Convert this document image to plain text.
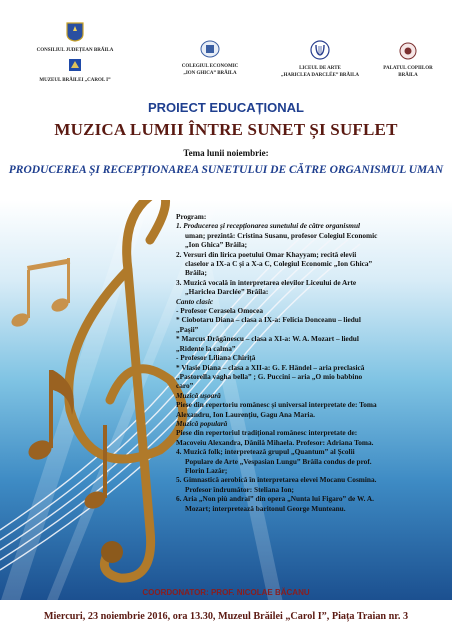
CONSILIUL JUDEȚEAN BRĂILA
MUZEUL BRĂILEI „CAROL I”
COLEGIUL ECONOMIC
„ION GHICA” BRĂILA
LICEUL DE ARTE
„HARICLEA DARCLÉE” BRĂILA
PALATUL COPIILOR
BRĂILA
PROIECT EDUCAȚIONAL
MUZICA LUMII ÎNTRE SUNET ȘI SUFLET
Tema lunii noiembrie:
PRODUCEREA ȘI RECEPȚIONAREA SUNETULUI DE CĂTRE ORGANISMUL UMAN

Program:

1. Producerea și recepționarea sunetului de către organismul

uman; prezintă: Cristina Susanu, profesor Colegiul Economic

„Ion Ghica” Brăila;

2. Versuri din lirica poetului Omar Khayyam; recită elevii

claselor a IX-a C și a X-a C, Colegiul Economic „Ion Ghica”

Brăila;

3. Muzică vocală în interpretarea elevilor Liceului de Arte

„Hariclea Darclée” Brăila:

Canto clasic

- Profesor Cerasela Omocea

* Ciobotaru Diana – clasa a IX-a: Felicia Donceanu – liedul

„Pașii”

* Marcus Drăgănescu – clasa a XI-a: W. A. Mozart – liedul

„Ridente la calma”

- Profesor Liliana Chiriță

* Vlasie Diana – clasa a XII-a: G. F. Händel – aria preclasică

„Pastorella vagha bella” ; G. Puccini – aria „O mio babbino

caro”

Muzică ușoară

Piese din repertoriu românesc și universal interpretate de: Toma

Alexandru, Ion Laurențiu, Gagu Ana Maria.

Muzică populară

Piese din repertoriul tradițional românesc interpretate de:

Macoveiu Alexandra, Dănilă Mihaela. Profesor: Adriana Toma.

4. Muzică folk; interpretează grupul „Quantum” al Școlii

Populare de Arte „Vespasian Lungu” Brăila condus de prof.

Florin Lazăr;

5. Gimnastică aerobică în interpretarea elevei Mocanu Cosmina.

Profesor îndrumător: Steliana Ion;

6. Aria „Non più andrai” din opera „Nunta lui Figaro” de W. A.

Mozart; interpretează baritonul George Munteanu.

COORDONATOR: PROF. NICOLAE BĂCANU
Miercuri, 23 noiembrie 2016, ora 13.30, Muzeul Brăilei „Carol I”, Piața Traian nr. 3
